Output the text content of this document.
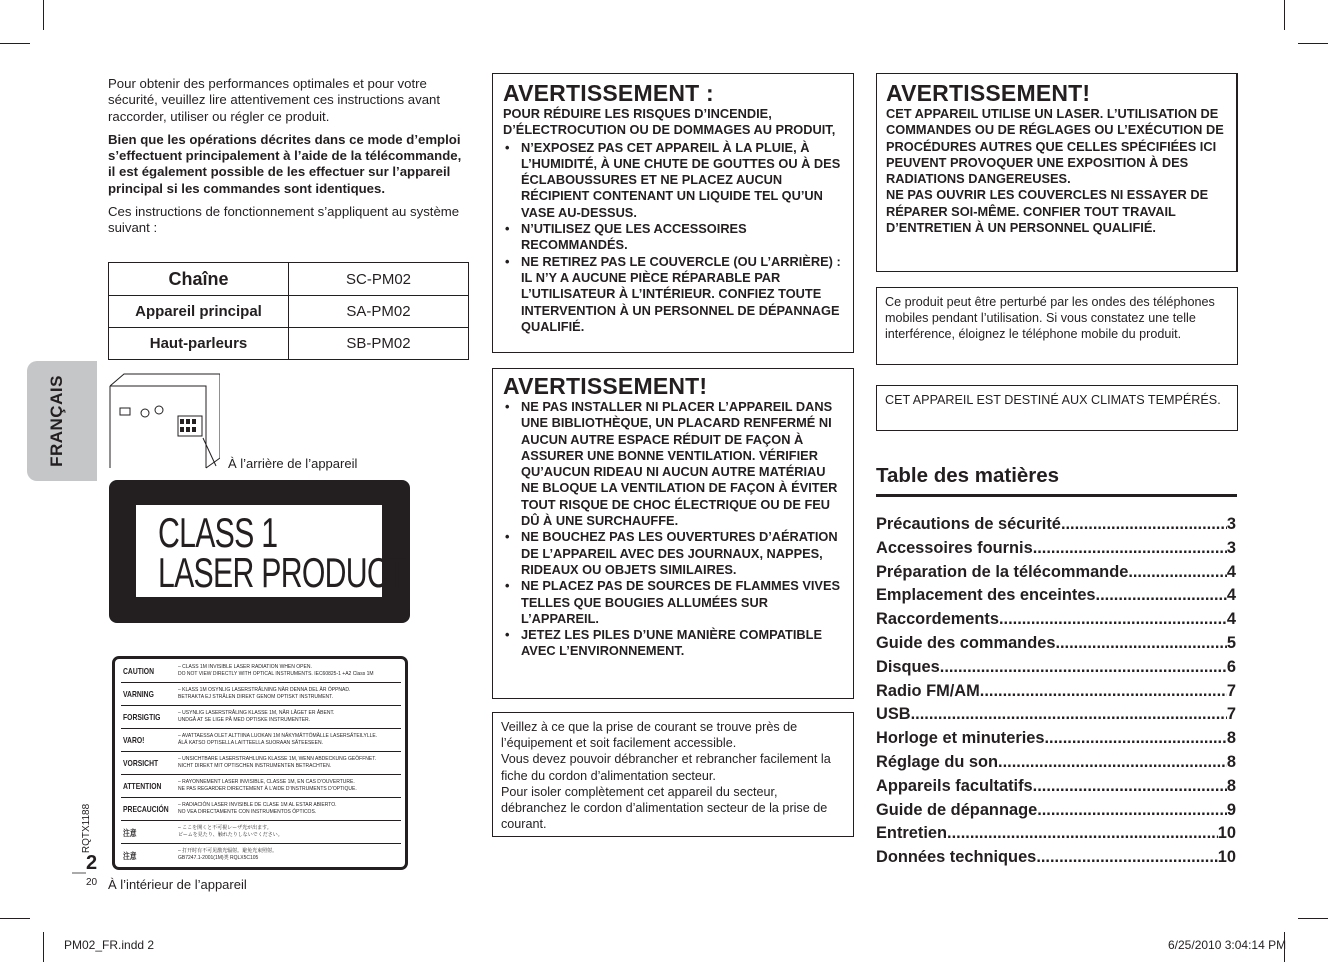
FRANÇAIS

Pour obtenir des performances optimales et pour votre sécurité, veuillez lire attentivement ces instructions avant raccorder, utiliser ou régler ce produit.

Bien que les opérations décrites dans ce mode d’emploi s’effectuent principalement à l’aide de la télécommande, il est également possible de les effectuer sur l’appareil principal si les commandes sont identiques.

Ces instructions de fonctionnement s’appliquent au système suivant :

Chaîne	SC-PM02
Appareil principal	SA-PM02
Haut-parleurs	SB-PM02
À l’arrière de l’appareil
CLASS 1
LASER PRODUCT
CAUTION	– CLASS 1M INVISIBLE LASER RADIATION WHEN OPEN.
DO NOT VIEW DIRECTLY WITH OPTICAL INSTRUMENTS. IEC60825-1 +A2 Class 1M
VARNING	– KLASS 1M OSYNLIG LASERSTRÅLNING NÄR DENNA DEL ÄR ÖPPNAD.
BETRAKTA EJ STRÅLEN DIREKT GENOM OPTISKT INSTRUMENT.
FORSIGTIG	– USYNLIG LASERSTRÅLING KLASSE 1M, NÅR LÅGET ER ÅBENT.
UNDGÅ AT SE LIGE PÅ MED OPTISKE INSTRUMENTER.
VARO!	– AVATTAESSA OLET ALTTIINA LUOKAN 1M NÄKYMÄTTÖMÄLLE LASERSÄTEILYLLE.
ÄLÄ KATSO OPTISELLA LAITTEELLA SUORAAN SÄTEESEEN.
VORSICHT	– UNSICHTBARE LASERSTRAHLUNG KLASSE 1M, WENN ABDECKUNG GEÖFFNET.
NICHT DIREKT MIT OPTISCHEN INSTRUMENTEN BETRACHTEN.
ATTENTION	– RAYONNEMENT LASER INVISIBLE, CLASSE 1M, EN CAS D’OUVERTURE.
NE PAS REGARDER DIRECTEMENT À L’AIDE D’INSTRUMENTS D’OPTIQUE.
PRECAUCIÓN – RADIACIÓN LASER INVISIBLE DE CLASE 1M AL ESTAR ABIERTO.
NO VEA DIRECTAMENTE CON INSTRUMENTOS ÓPTICOS.
注意	– ここを開くと不可視レーザ光が出ます。
ビームを見たり、触れたりしないでください。
注意	– 打开时有不可见激光辐射。避免光束照射。
GB7247.1-2001(1M)类 RQLX5C105
À l’intérieur de l’appareil
RQTX1188
2
20
AVERTISSEMENT :
POUR RÉDUIRE LES RISQUES D’INCENDIE, D’ÉLECTROCUTION OU DE DOMMAGES AU PRODUIT,
• N’EXPOSEZ PAS CET APPAREIL À LA PLUIE, À L’HUMIDITÉ, À UNE CHUTE DE GOUTTES OU À DES ÉCLABOUSSURES ET NE PLACEZ AUCUN RÉCIPIENT CONTENANT UN LIQUIDE TEL QU’UN VASE AU-DESSUS.
• N’UTILISEZ QUE LES ACCESSOIRES RECOMMANDÉS.
• NE RETIREZ PAS LE COUVERCLE (OU L’ARRIÈRE) : IL N’Y A AUCUNE PIÈCE RÉPARABLE PAR L’UTILISATEUR À L’INTÉRIEUR. CONFIEZ TOUTE INTERVENTION À UN PERSONNEL DE DÉPANNAGE QUALIFIÉ.
AVERTISSEMENT!
• NE PAS INSTALLER NI PLACER L’APPAREIL DANS UNE BIBLIOTHÈQUE, UN PLACARD RENFERMÉ NI AUCUN AUTRE ESPACE RÉDUIT DE FAÇON À ASSURER UNE BONNE VENTILATION. VÉRIFIER QU’AUCUN RIDEAU NI AUCUN AUTRE MATÉRIAU NE BLOQUE LA VENTILATION DE FAÇON À ÉVITER TOUT RISQUE DE CHOC ÉLECTRIQUE OU DE FEU DÛ À UNE SURCHAUFFE.
• NE BOUCHEZ PAS LES OUVERTURES D’AÉRATION DE L’APPAREIL AVEC DES JOURNAUX, NAPPES, RIDEAUX OU OBJETS SIMILAIRES.
• NE PLACEZ PAS DE SOURCES DE FLAMMES VIVES TELLES QUE BOUGIES ALLUMÉES SUR L’APPAREIL.
• JETEZ LES PILES D’UNE MANIÈRE COMPATIBLE AVEC L’ENVIRONNEMENT.

Veillez à ce que la prise de courant se trouve près de l’équipement et soit facilement accessible.

Vous devez pouvoir débrancher et rebrancher facilement la fiche du cordon d’alimentation secteur.

Pour isoler complètement cet appareil du secteur, débranchez le cordon d’alimentation secteur de la prise de courant.

AVERTISSEMENT!
CET APPAREIL UTILISE UN LASER. L’UTILISATION DE COMMANDES OU DE RÉGLAGES OU L’EXÉCUTION DE PROCÉDURES AUTRES QUE CELLES SPÉCIFIÉES ICI PEUVENT PROVOQUER UNE EXPOSITION À DES RADIATIONS DANGEREUSES.
NE PAS OUVRIR LES COUVERCLES NI ESSAYER DE RÉPARER SOI-MÊME. CONFIER TOUT TRAVAIL D’ENTRETIEN À UN PERSONNEL QUALIFIÉ.

Ce produit peut être perturbé par les ondes des téléphones mobiles pendant l’utilisation. Si vous constatez une telle interférence, éloignez le téléphone mobile du produit.

CET APPAREIL EST DESTINÉ AUX CLIMATS TEMPÉRÉS.

Table des matières
Précautions de sécurité .....	3
Accessoires fournis .....	3
Préparation de la télécommande .....	4
Emplacement des enceintes .....	4
Raccordements .....	4
Guide des commandes .....	5
Disques .....	6
Radio FM/AM .....	7
USB .....	7
Horloge et minuteries .....	8
Réglage du son .....	8
Appareils facultatifs .....	8
Guide de dépannage .....	9
Entretien .....	10
Données techniques .....	10
PM02_FR.indd 2	6/25/2010 3:04:14 PM
